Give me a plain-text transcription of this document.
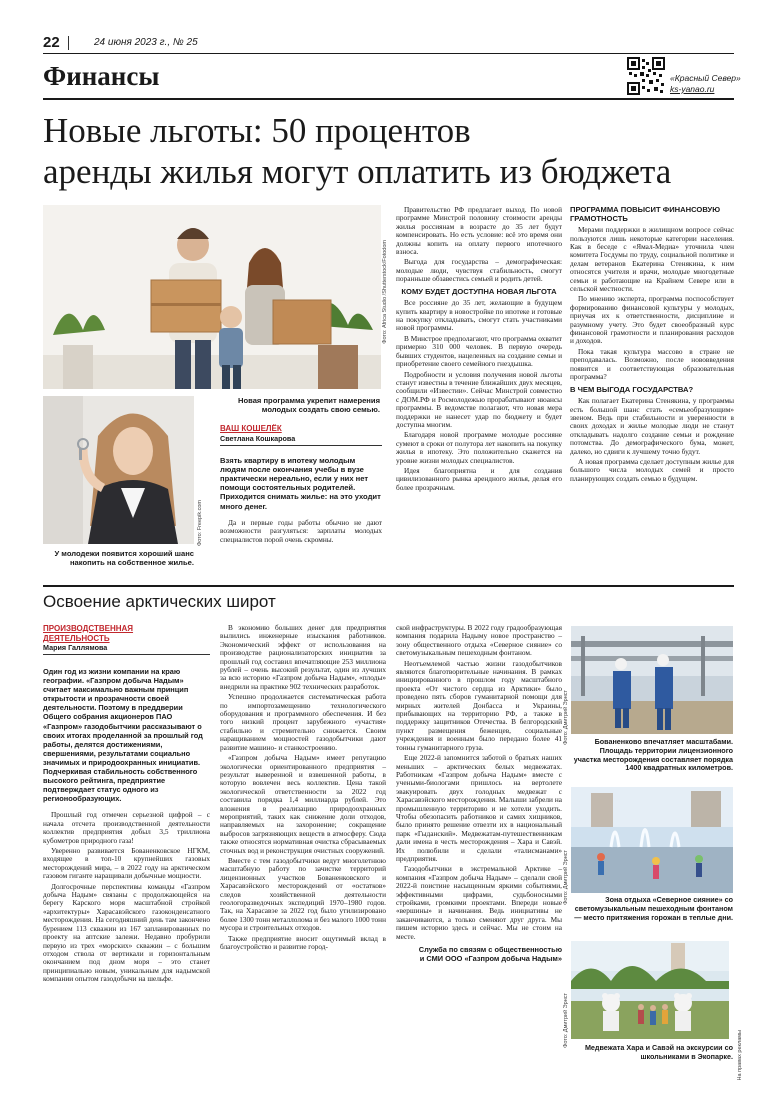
22	24 июня 2023 г., № 25
Финансы	«Красный Север»
ks-yanao.ru
Новые льготы: 50 процентов
аренды жилья могут оплатить из бюджета
Фото: Africa Studio /Shutterstock/Fotodom
Новая программа укрепит намерения
молодых создать свою семью.
Фото: Freepik.com
У молодежи появится хороший шанс
накопить на собственное жилье.
ВАШ КОШЕЛЁК
Светлана Кошкарова

Взять квартиру в ипотеку молодым людям после окончания учебы в вузе практически нереально, если у них нет помощи состоятельных родителей. Приходится снимать жилье: на это уходит много денег.

Да и первые годы работы обычно не дают возможности разгуляться: зарплаты молодых специалистов порой очень скромны.

Правительство РФ предлагает выход. По новой программе Минстрой половину стоимости аренды жилья россиянам в возрасте до 35 лет будут компенсировать. Но есть условие: всё это время они должны копить на оплату первого ипотечного взноса.

Выгода для государства – демографическая: молодые люди, чувствуя стабильность, смогут поранньше обзавестись семьей и родить детей.

КОМУ БУДЕТ ДОСТУПНА НОВАЯ ЛЬГОТА

Все россияне до 35 лет, желающие в будущем купить квартиру в новостройке по ипотеке и готовые на покупку откладывать, смогут стать участниками новой программы.

В Минстрое предполагают, что программа охватит примерно 310 000 человек. В первую очередь бывших студентов, нацеленных на создание семьи и приобретение своего семейного гнездышка.

Подробности и условия получения новой льготы станут известны в течение ближайших двух месяцев, сообщили «Известии». Сейчас Минстрой совместно с ДОМ.РФ и Росмолодежью прорабатывают нюансы программы. В ведомстве полагают, что новая мера поддержки не нанесет удар по бюджету и будет доступна многим.

Благодаря новой программе молодые россияне сумеют в сроки от полутора лет накопить на покупку жилья в ипотеку. Это положительно скажется на уровне жизни молодых специалистов.

Идея благоприятна и для создания цивилизованного рынка арендного жилья, делая его более прозрачным.

ПРОГРАММА ПОВЫСИТ ФИНАНСОВУЮ ГРАМОТНОСТЬ

Мерами поддержки в жилищном вопросе сейчас пользуются лишь некоторые категории населения. Как в беседе с «Ямал-Медиа» уточнила член комитета Госдумы по труду, социальной политике и делам ветеранов Екатерина Стенякина, к ним относятся учителя и врачи, молодые многодетные семьи и работающие на Крайнем Севере или в сельской местности.

По мнению эксперта, программа поспособствует формированию финансовой культуры у молодых, приучая их к ответственности, дисциплине и разумному учету. Это будет своеобразный курс финансовой грамотности и планирования расходов и доходов.

Пока такая культура массово в стране не преподавалась. Возможно, после нововведения появится и соответствующая образовательная программа?

В ЧЕМ ВЫГОДА ГОСУДАРСТВА?

Как полагает Екатерина Стенякина, у программы есть большой шанс стать «семьеобразующим» звеном. Ведь при стабильности и уверенности в своих доходах и жилье молодые люди не станут откладывать надолго создание семьи и рождение потомства. До демографического бума, может, далеко, но сдвиги к лучшему точно будут.

А новая программа сделает доступным жилье для большого числа молодых семей и просто планирующих создать семью в будущем.

Освоение арктических широт
ПРОИЗВОДСТВЕННАЯ
ДЕЯТЕЛЬНОСТЬ
Мария Галлямова

Один год из жизни компании на краю географии. «Газпром добыча Надым» считает максимально важным принцип открытости и прозрачности своей деятельности. Поэтому в преддверии Общего собрания акционеров ПАО «Газпром» газодобытчики рассказывают о своих итогах проделанной за прошлый год работы, делятся достижениями, свершениями, результатами социально значимых и природоохранных инициатив. Подчеркивая стабильность собственного высокого рейтинга, предприятие подтверждает статус одного из регионообразующих.

Прошлый год отмечен серьезной цифрой – с начала отсчета производственной деятельности коллектив предприятия добыл 3,5 триллиона кубометров природного газа!

Уверенно развивается Бованенковское НГКМ, входящее в топ-10 крупнейших газовых месторождений мира, – в 2022 году на арктическом газовом гиганте наращивали добычные мощности.

Долгосрочные перспективы команды «Газпром добыча Надым» связаны с продолжающейся на берегу Карского моря масштабной стройкой «архитектуры» Харасавэйского газоконденсатного месторождения. На сегодняшний день там закончено бурением 113 скважин из 167 запланированных по проекту на аптские залежи. Недавно пробурили первую из трех «морских» скважин – с большим отходом ствола от вертикали и горизонтальным окончанием под дном моря – это станет принципиально новым, уникальным для надымской компании опытом газодобычи на шельфе.

В экономию больших денег для предприятия вылились инженерные изыскания работников. Экономический эффект от использования на производстве рационализаторских инициатив за прошлый год составил впечатляющие 253 миллиона рублей – очень высокий результат, один из лучших за всю историю «Газпром добыча Надым», «плоды» внедрили на практике 902 технических разработок.

Успешно продолжается систематическая работа по импортозамещению технологического оборудования и программного обеспечения. И без того низкий процент зарубежного «участия» стабильно и стремительно снижается. Своим наращиванием мощностей газодобытчики дают развитие машино- и станкостроению.

«Газпром добыча Надым» имеет репутацию экологически ориентированного предприятия – результат выверенной и взвешенной работы, в которую вовлечен весь коллектив. Цена такой экологической ответственности за 2022 год составила порядка 1,4 миллиарда рублей. Это вложения в реализацию природоохранных мероприятий, таких как снижение доли отходов, направляемых на захоронение; сокращение выбросов загрязняющих веществ в атмосферу. Сюда также относятся нормативная очистка сбрасываемых сточных вод и реконструкция очистных сооружений.

Вместе с тем газодобытчики ведут многолетнюю масштабную работу по зачистке территорий лицензионных участков Бованенковского и Харасавэйского месторождений от «остатков» следов хозяйственной деятельности геологоразведочных экспедиций 1970–1980 годов. Так, на Харасавэе за 2022 год было утилизировано более 1300 тонн металлолома и без малого 1000 тонн мусора и строительных отходов.

Также предприятие вносит ощутимый вклад в благоустройство и развитие город-

ской инфраструктуры. В 2022 году градообразующая компания подарила Надыму новое пространство – зону общественного отдыха «Северное сияние» со светомузыкальным пешеходным фонтаном.

Неотъемлемой частью жизни газодобытчиков являются благотворительные начинания. В рамках инициированного в прошлом году масштабного проекта «От чистого сердца из Арктики» было проведено пять сборов гуманитарной помощи для мирных жителей Донбасса и Украины, прибывающих на территорию РФ, а также в поддержку защитников Отечества. В белгородский пункт размещения беженцев, социальные учреждения и военным было передано более 41 тонны гуманитарного груза.

Еще 2022-й запомнится заботой о братьях наших меньших – арктических белых медвежатах. Работникам «Газпром добыча Надым» вместе с учеными-биологами пришлось на вертолете эвакуировать двух голодных медвежат с Харасавэйского месторождения. Малыши забрели на промышленную территорию и не хотели уходить. Чтобы обезопасить работников и самих хищников, было принято решение отвезти их в национальный парк «Гыданский». Медвежатам-путешественникам дали имена в честь месторождения – Хара и Савэй. Их полюбили и сделали «талисманами» предприятия.

Газодобытчики в экстремальной Арктике – компания «Газпром добыча Надым» – сделали свой 2022-й поистине насыщенным яркими событиями, эффективными цифрами, судьбоносными стройками, громкими проектами. Впереди новые «вершины» и начинания. Ведь инициативы не заканчиваются, а только сменяют друг друга. Мы пишем историю здесь и сейчас. Мы не стоим на месте.

Служба по связям с общественностью
и СМИ ООО «Газпром добыча Надым»
Фото: Дмитрий Эрнст	Бованенково впечатляет масштабами. Площадь территории лицензионного участка месторождения составляет порядка 1400 квадратных километров.
Фото: Дмитрий Эрнст	Зона отдыха «Северное сияние» со светомузыкальным пешеходным фонтаном — место притяжения горожан в теплые дни.
Фото: Дмитрий Эрнст	Медвежата Хара и Савэй на экскурсии со школьниками в Экопарке. На правах рекламы
